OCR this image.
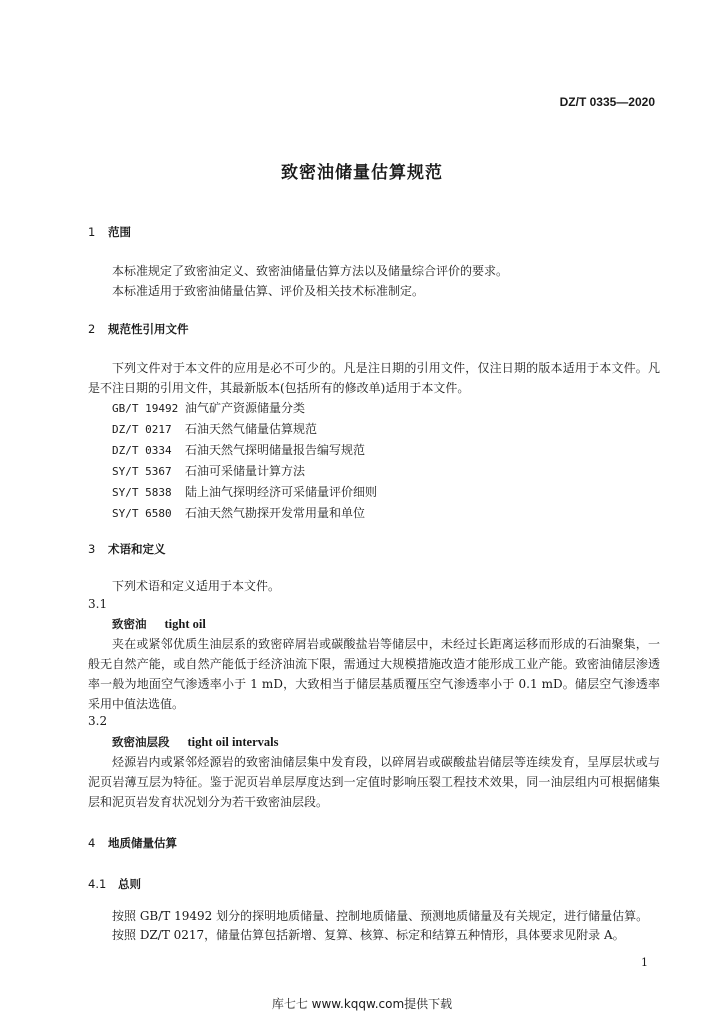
DZ/T 0335—2020
致密油储量估算规范
1 范围
本标准规定了致密油定义、致密油储量估算方法以及储量综合评价的要求。
本标准适用于致密油储量估算、评价及相关技术标准制定。
2 规范性引用文件
下列文件对于本文件的应用是必不可少的。凡是注日期的引用文件，仅注日期的版本适用于本文件。凡是不注日期的引用文件，其最新版本(包括所有的修改单)适用于本文件。
GB/T 19492 油气矿产资源储量分类
DZ/T 0217 石油天然气储量估算规范
DZ/T 0334 石油天然气探明储量报告编写规范
SY/T 5367 石油可采储量计算方法
SY/T 5838 陆上油气探明经济可采储量评价细则
SY/T 6580 石油天然气勘探开发常用量和单位
3 术语和定义
下列术语和定义适用于本文件。
3.1
致密油 tight oil
夹在或紧邻优质生油层系的致密碎屑岩或碳酸盐岩等储层中，未经过长距离运移而形成的石油聚集，一般无自然产能，或自然产能低于经济油流下限，需通过大规模措施改造才能形成工业产能。致密油储层渗透率一般为地面空气渗透率小于 1 mD，大致相当于储层基质覆压空气渗透率小于 0.1 mD。储层空气渗透率采用中值法选值。
3.2
致密油层段 tight oil intervals
烃源岩内或紧邻烃源岩的致密油储层集中发育段，以碎屑岩或碳酸盐岩储层等连续发育，呈厚层状或与泥页岩薄互层为特征。鉴于泥页岩单层厚度达到一定值时影响压裂工程技术效果，同一油层组内可根据储集层和泥页岩发育状况划分为若干致密油层段。
4 地质储量估算
4.1 总则
按照 GB/T 19492 划分的探明地质储量、控制地质储量、预测地质储量及有关规定，进行储量估算。
按照 DZ/T 0217，储量估算包括新增、复算、核算、标定和结算五种情形，具体要求见附录 A。
1
库七七 www.kqqw.com提供下载
